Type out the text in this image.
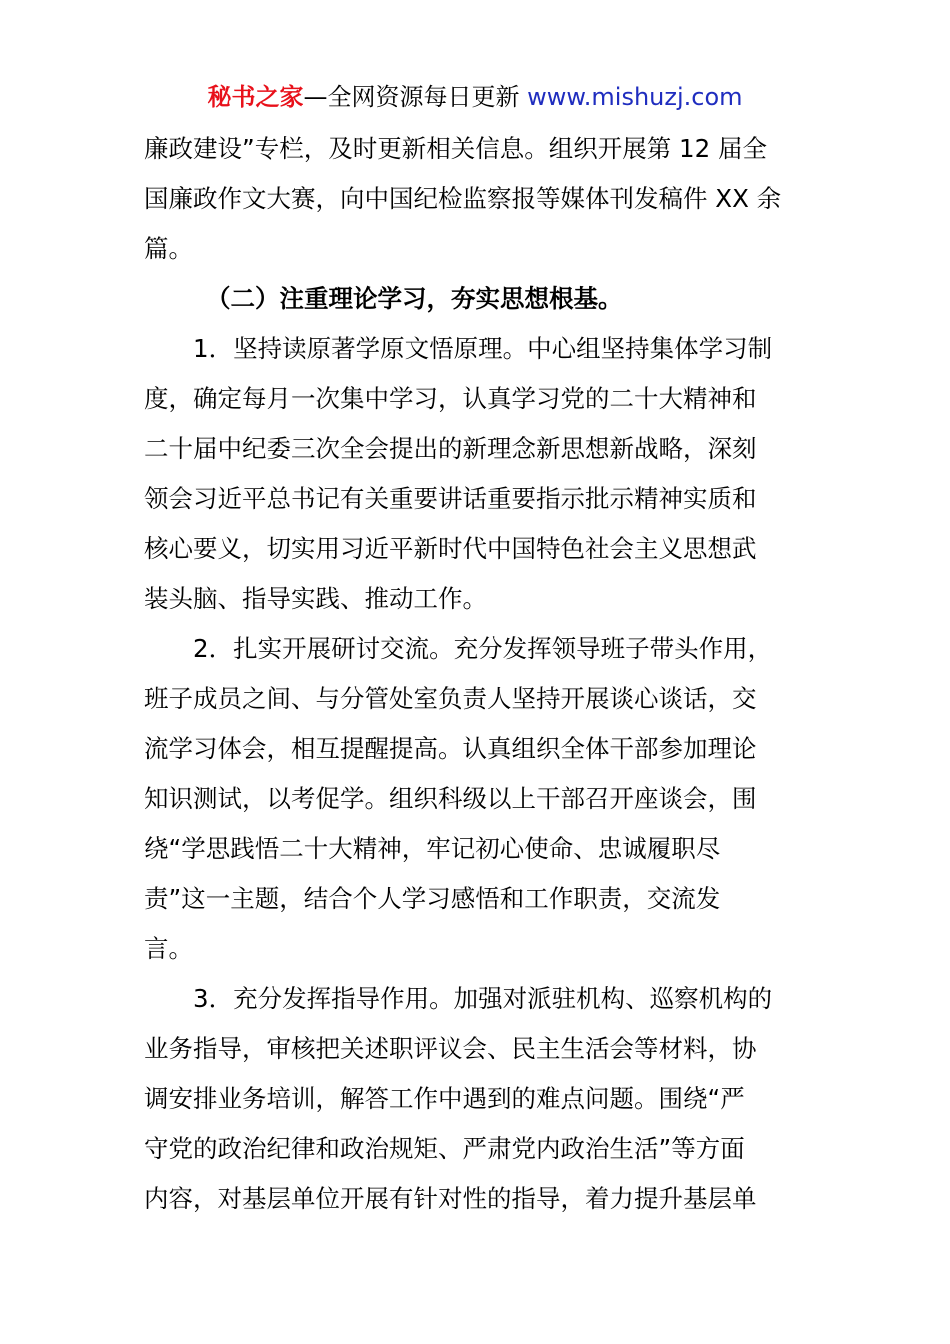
秘书之家—全网资源每日更新 www.mishuzj.com
廉政建设”专栏，及时更新相关信息。组织开展第 12 届全
国廉政作文大赛，向中国纪检监察报等媒体刊发稿件 XX 余
篇。
（二）注重理论学习，夯实思想根基。
1．坚持读原著学原文悟原理。中心组坚持集体学习制
度，确定每月一次集中学习，认真学习党的二十大精神和
二十届中纪委三次全会提出的新理念新思想新战略，深刻
领会习近平总书记有关重要讲话重要指示批示精神实质和
核心要义，切实用习近平新时代中国特色社会主义思想武
装头脑、指导实践、推动工作。
2．扎实开展研讨交流。充分发挥领导班子带头作用，
班子成员之间、与分管处室负责人坚持开展谈心谈话，交
流学习体会，相互提醒提高。认真组织全体干部参加理论
知识测试，以考促学。组织科级以上干部召开座谈会，围
绕“学思践悟二十大精神，牢记初心使命、忠诚履职尽
责”这一主题，结合个人学习感悟和工作职责，交流发
言。
3．充分发挥指导作用。加强对派驻机构、巡察机构的
业务指导，审核把关述职评议会、民主生活会等材料，协
调安排业务培训，解答工作中遇到的难点问题。围绕“严
守党的政治纪律和政治规矩、严肃党内政治生活”等方面
内容，对基层单位开展有针对性的指导，着力提升基层单
